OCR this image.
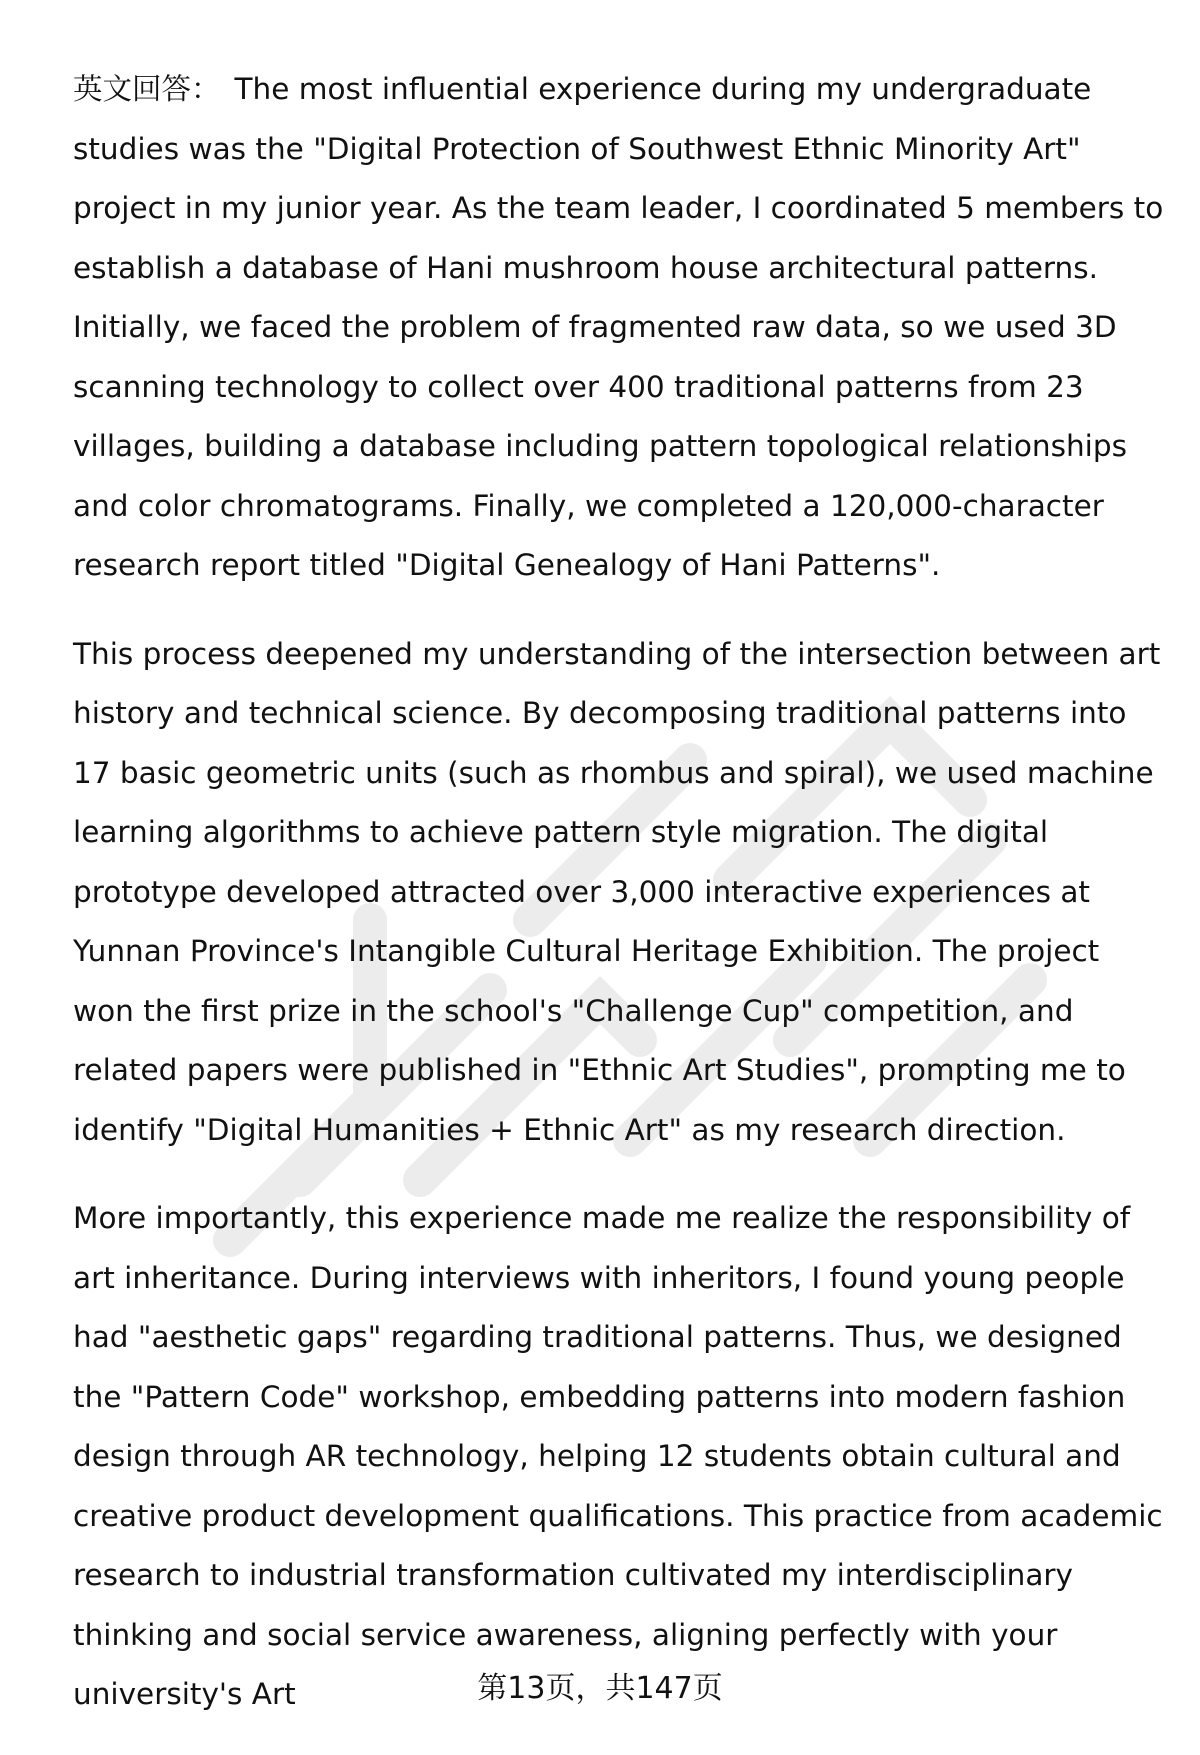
英文回答： The most influential experience during my undergraduate studies was the "Digital Protection of Southwest Ethnic Minority Art" project in my junior year. As the team leader, I coordinated 5 members to establish a database of Hani mushroom house architectural patterns. Initially, we faced the problem of fragmented raw data, so we used 3D scanning technology to collect over 400 traditional patterns from 23 villages, building a database including pattern topological relationships and color chromatograms. Finally, we completed a 120,000-character research report titled "Digital Genealogy of Hani Patterns".

This process deepened my understanding of the intersection between art history and technical science. By decomposing traditional patterns into 17 basic geometric units (such as rhombus and spiral), we used machine learning algorithms to achieve pattern style migration. The digital prototype developed attracted over 3,000 interactive experiences at Yunnan Province's Intangible Cultural Heritage Exhibition. The project won the first prize in the school's "Challenge Cup" competition, and related papers were published in "Ethnic Art Studies", prompting me to identify "Digital Humanities + Ethnic Art" as my research direction.

More importantly, this experience made me realize the responsibility of art inheritance. During interviews with inheritors, I found young people had "aesthetic gaps" regarding traditional patterns. Thus, we designed the "Pattern Code" workshop, embedding patterns into modern fashion design through AR technology, helping 12 students obtain cultural and creative product development qualifications. This practice from academic research to industrial transformation cultivated my interdisciplinary thinking and social service awareness, aligning perfectly with your university's Art	第13页，共147页
